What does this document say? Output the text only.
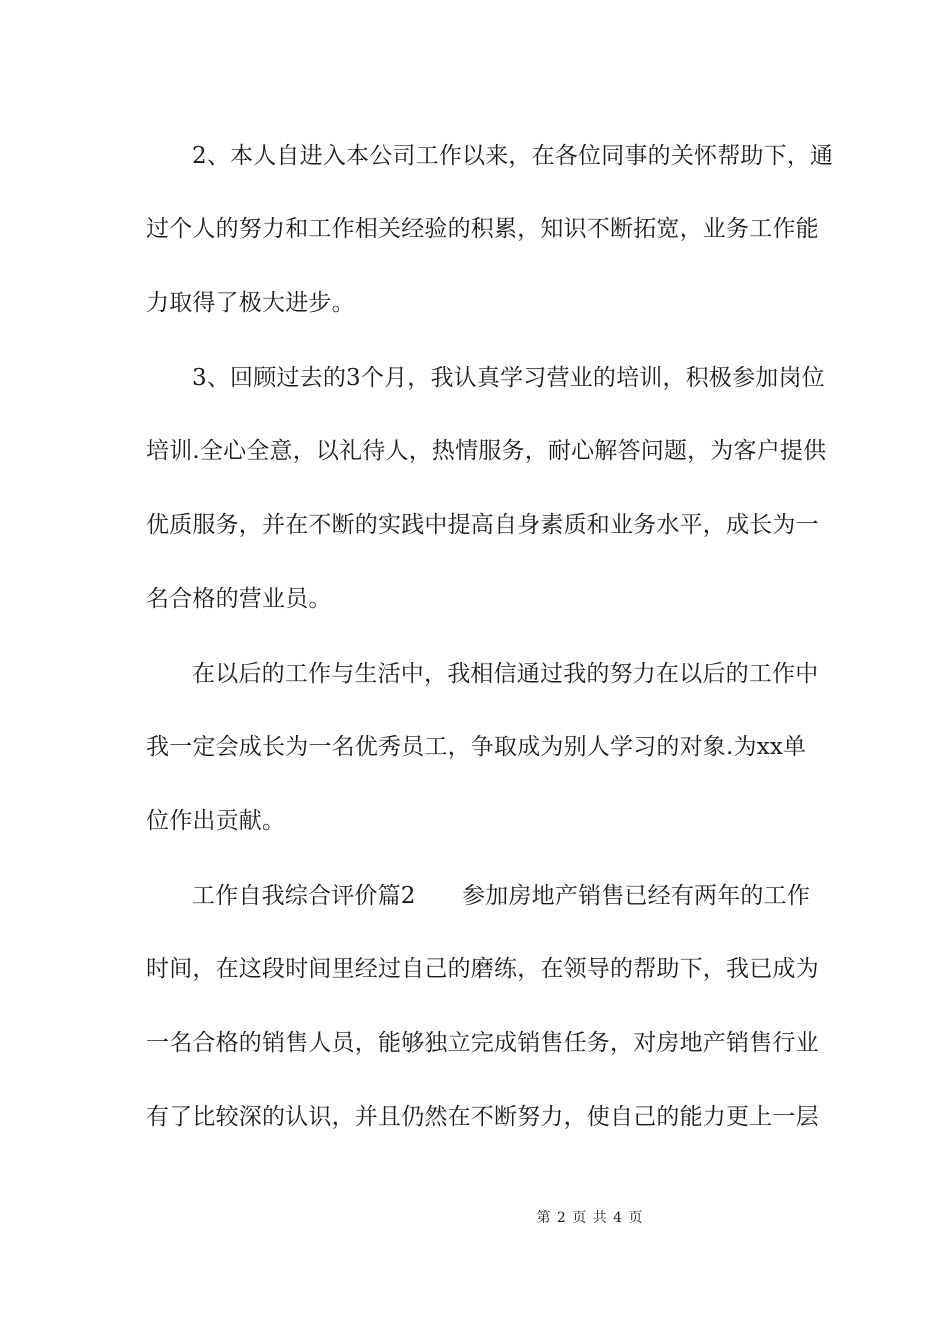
2、本人自进入本公司工作以来，在各位同事的关怀帮助下，通
过个人的努力和工作相关经验的积累，知识不断拓宽，业务工作能
力取得了极大进步。
3、回顾过去的3个月，我认真学习营业的培训，积极参加岗位
培训.全心全意，以礼待人，热情服务，耐心解答问题，为客户提供
优质服务，并在不断的实践中提高自身素质和业务水平，成长为一
名合格的营业员。
在以后的工作与生活中，我相信通过我的努力在以后的工作中
我一定会成长为一名优秀员工，争取成为别人学习的对象.为xx单
位作出贡献。
工作自我综合评价篇2　　参加房地产销售已经有两年的工作
时间，在这段时间里经过自己的磨练，在领导的帮助下，我已成为
一名合格的销售人员，能够独立完成销售任务，对房地产销售行业
有了比较深的认识，并且仍然在不断努力，使自己的能力更上一层
第 2 页 共 4 页
